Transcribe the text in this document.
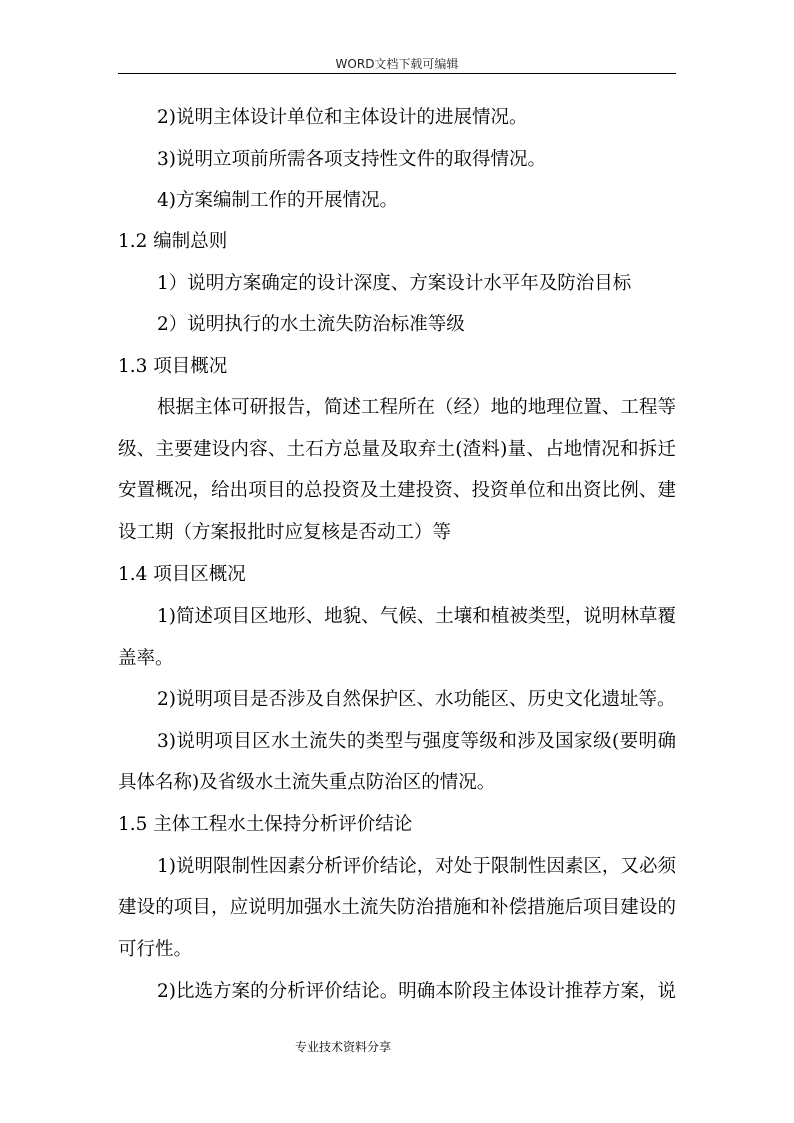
WORD文档下载可编辑
2)说明主体设计单位和主体设计的进展情况。
3)说明立项前所需各项支持性文件的取得情况。
4)方案编制工作的开展情况。
1.2 编制总则
1）说明方案确定的设计深度、方案设计水平年及防治目标
2）说明执行的水土流失防治标准等级
1.3 项目概况
根据主体可研报告，简述工程所在（经）地的地理位置、工程等
级、主要建设内容、土石方总量及取弃土(渣料)量、占地情况和拆迁
安置概况，给出项目的总投资及土建投资、投资单位和出资比例、建
设工期（方案报批时应复核是否动工）等
1.4 项目区概况
1)简述项目区地形、地貌、气候、土壤和植被类型，说明林草覆
盖率。
2)说明项目是否涉及自然保护区、水功能区、历史文化遗址等。
3)说明项目区水土流失的类型与强度等级和涉及国家级(要明确
具体名称)及省级水土流失重点防治区的情况。
1.5 主体工程水土保持分析评价结论
1)说明限制性因素分析评价结论，对处于限制性因素区，又必须
建设的项目，应说明加强水土流失防治措施和补偿措施后项目建设的
可行性。
2)比选方案的分析评价结论。明确本阶段主体设计推荐方案，说
专业技术资料分享
